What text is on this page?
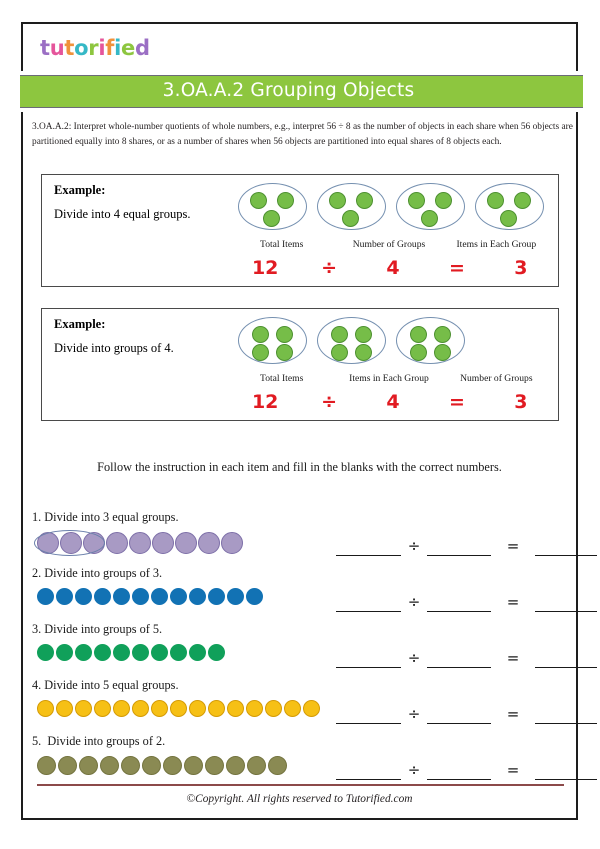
tutorified
3.OA.A.2 Grouping Objects
3.OA.A.2: Interpret whole-number quotients of whole numbers, e.g., interpret 56 ÷ 8 as the number of objects in each share when 56 objects are partitioned equally into 8 shares, or as a number of shares when 56 objects are partitioned into equal shares of 8 objects each.
Example:
Divide into 4 equal groups.
Total Items	Number of Groups	Items in Each Group
12	÷	4	=	3
Example:
Divide into groups of 4.
Total Items	Items in Each Group	Number of Groups
12	÷	4	=	3
Follow the instruction in each item and fill in the blanks with the correct numbers.
1. Divide into 3 equal groups.
÷	=
2. Divide into groups of 3.
÷	=
3. Divide into groups of 5.
÷	=
4. Divide into 5 equal groups.
÷	=
5.  Divide into groups of 2.
÷	=
©Copyright. All rights reserved to Tutorified.com
